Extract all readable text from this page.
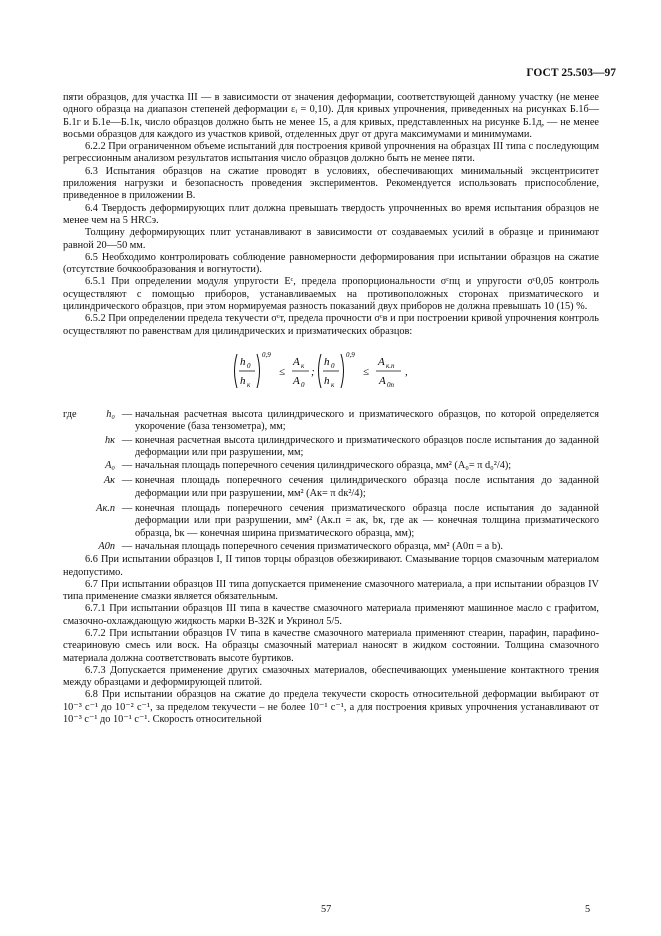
ГОСТ 25.503—97

пяти образцов, для участка III — в зависимости от значения деформации, соответствующей данному участку (не менее одного образца на диапазон степеней деформации εᵢ = 0,10). Для кривых упрочнения, приведенных на рисунках Б.1б—Б.1г и Б.1е—Б.1к, число образцов должно быть не менее 15, а для кривых, представленных на рисунке Б.1д, — не менее восьми образцов для каждого из участков кривой, отделенных друг от друга максимумами и минимумами.

6.2.2 При ограниченном объеме испытаний для построения кривой упрочнения на образцах III типа с последующим регрессионным анализом результатов испытания число образцов должно быть не менее пяти.

6.3 Испытания образцов на сжатие проводят в условиях, обеспечивающих минимальный эксцентриситет приложения нагрузки и безопасность проведения экспериментов. Рекомендуется использовать приспособление, приведенное в приложении В.

6.4 Твердость деформирующих плит должна превышать твердость упрочненных во время испытания образцов не менее чем на 5 HRCэ.

Толщину деформирующих плит устанавливают в зависимости от создаваемых усилий в образце и принимают равной 20—50 мм.

6.5 Необходимо контролировать соблюдение равномерности деформирования при испытании образцов на сжатие (отсутствие бочкообразования и вогнутости).

6.5.1 При определении модуля упругости Eᶜ, предела пропорциональности σᶜпц и упругости σᶜ0,05 контроль осуществляют с помощью приборов, устанавливаемых на противоположных сторонах призматического и цилиндрического образцов, при этом нормируемая разность показаний двух приборов не должна превышать 10 (15) %.

6.5.2 При определении предела текучести σᶜт, предела прочности σᶜв и при построении кривой упрочнения контроль осуществляют по равенствам для цилиндрических и призматических образцов:

h 0
h к
0,9
≤
A к
A 0
;
h 0
h к
0,9
≤
A к.п
A 0п
,
где	h₀ — начальная расчетная высота цилиндрического и призматического образцов, по которой определяется укорочение (база тензометра), мм;
hк — конечная расчетная высота цилиндрического и призматического образцов после испытания до заданной деформации или при разрушении, мм;
A₀ — начальная площадь поперечного сечения цилиндрического образца, мм² (A₀= π d₀²/4);
Aк — конечная площадь поперечного сечения цилиндрического образца после испытания до заданной деформации или при разрушении, мм² (Aк= π dк²/4);
Aк.п — конечная площадь поперечного сечения призматического образца после испытания до заданной деформации или при разрушении, мм² (Aк.п = aк, bк, где aк — конечная толщина призматического образца, bк — конечная ширина призматического образца, мм);
A0п — начальная площадь поперечного сечения призматического образца, мм² (A0п = a b).

6.6 При испытании образцов I, II типов торцы образцов обезжиривают. Смазывание торцов смазочным материалом недопустимо.

6.7 При испытании образцов III типа допускается применение смазочного материала, а при испытании образцов IV типа применение смазки является обязательным.

6.7.1 При испытании образцов III типа в качестве смазочного материала применяют машинное масло с графитом, смазочно-охлаждающую жидкость марки В-32К и Укринол 5/5.

6.7.2 При испытании образцов IV типа в качестве смазочного материала применяют стеарин, парафин, парафино-стеариновую смесь или воск. На образцы смазочный материал наносят в жидком состоянии. Толщина смазочного материала должна соответствовать высоте буртиков.

6.7.3 Допускается применение других смазочных материалов, обеспечивающих уменьшение контактного трения между образцами и деформирующей плитой.

6.8 При испытании образцов на сжатие до предела текучести скорость относительной деформации выбирают от 10⁻³ с⁻¹ до 10⁻² с⁻¹, за пределом текучести – не более 10⁻¹ с⁻¹, а для построения кривых упрочнения устанавливают от 10⁻³ с⁻¹ до 10⁻¹ с⁻¹. Скорость относительной

57	5
